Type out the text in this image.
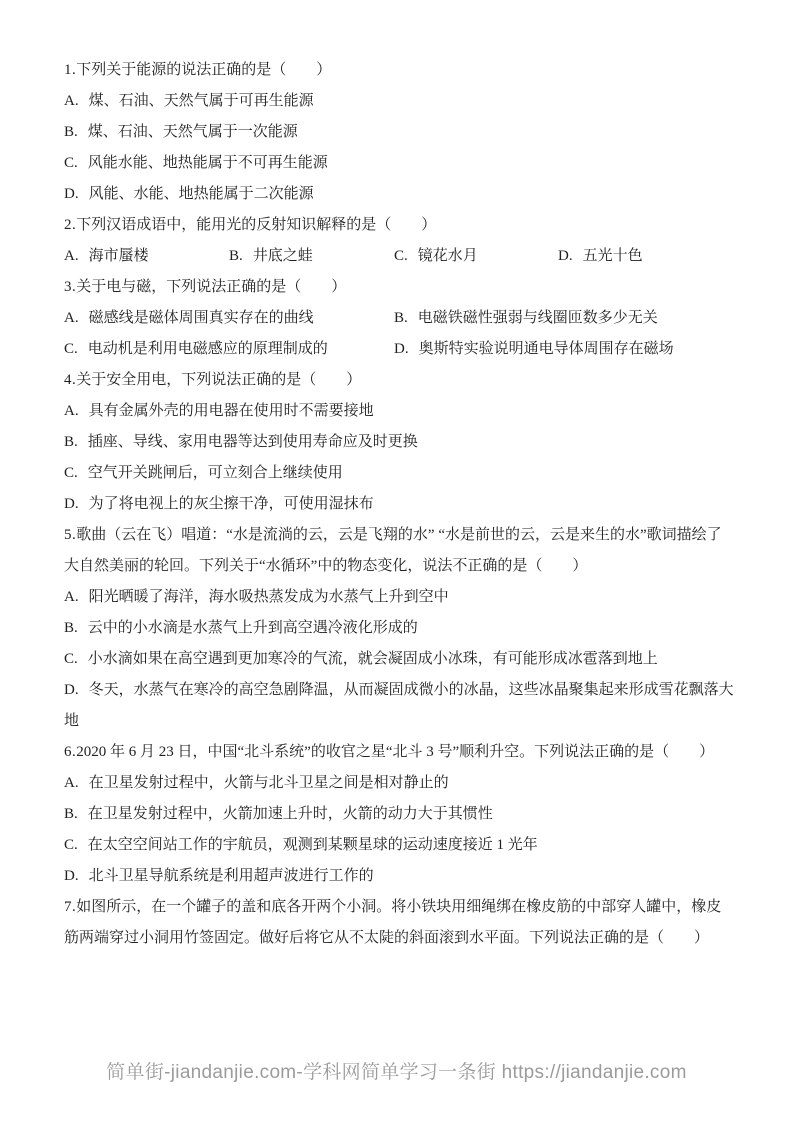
1.下列关于能源的说法正确的是（　　）

A. 煤、石油、天然气属于可再生能源

B. 煤、石油、天然气属于一次能源

C. 风能水能、地热能属于不可再生能源

D. 风能、水能、地热能属于二次能源

2.下列汉语成语中，能用光的反射知识解释的是（　　）

A. 海市蜃楼	B. 井底之蛙	C. 镜花水月	D. 五光十色

3.关于电与磁，下列说法正确的是（　　）

A. 磁感线是磁体周围真实存在的曲线	B. 电磁铁磁性强弱与线圈匝数多少无关
C. 电动机是利用电磁感应的原理制成的	D. 奥斯特实验说明通电导体周围存在磁场

4.关于安全用电，下列说法正确的是（　　）

A. 具有金属外壳的用电器在使用时不需要接地

B. 插座、导线、家用电器等达到使用寿命应及时更换

C. 空气开关跳闸后，可立刻合上继续使用

D. 为了将电视上的灰尘擦干净，可使用湿抹布

5.歌曲（云在飞）唱道：“水是流淌的云，云是飞翔的水” “水是前世的云，云是来生的水”歌词描绘了大自然美丽的轮回。下列关于“水循环”中的物态变化，说法不正确的是（　　）

A. 阳光晒暖了海洋，海水吸热蒸发成为水蒸气上升到空中

B. 云中的小水滴是水蒸气上升到高空遇冷液化形成的

C. 小水滴如果在高空遇到更加寒冷的气流，就会凝固成小冰珠，有可能形成冰雹落到地上

D. 冬天，水蒸气在寒冷的高空急剧降温，从而凝固成微小的冰晶，这些冰晶聚集起来形成雪花飘落大地

6.2020 年 6 月 23 日，中国“北斗系统”的收官之星“北斗 3 号”顺利升空。下列说法正确的是（　　）

A. 在卫星发射过程中，火箭与北斗卫星之间是相对静止的

B. 在卫星发射过程中，火箭加速上升时，火箭的动力大于其惯性

C. 在太空空间站工作的宇航员，观测到某颗星球的运动速度接近 1 光年

D. 北斗卫星导航系统是利用超声波进行工作的

7.如图所示，在一个罐子的盖和底各开两个小洞。将小铁块用细绳绑在橡皮筋的中部穿人罐中，橡皮筋两端穿过小洞用竹签固定。做好后将它从不太陡的斜面滚到水平面。下列说法正确的是（　　）

简单街-jiandanjie.com-学科网简单学习一条街 https://jiandanjie.com
